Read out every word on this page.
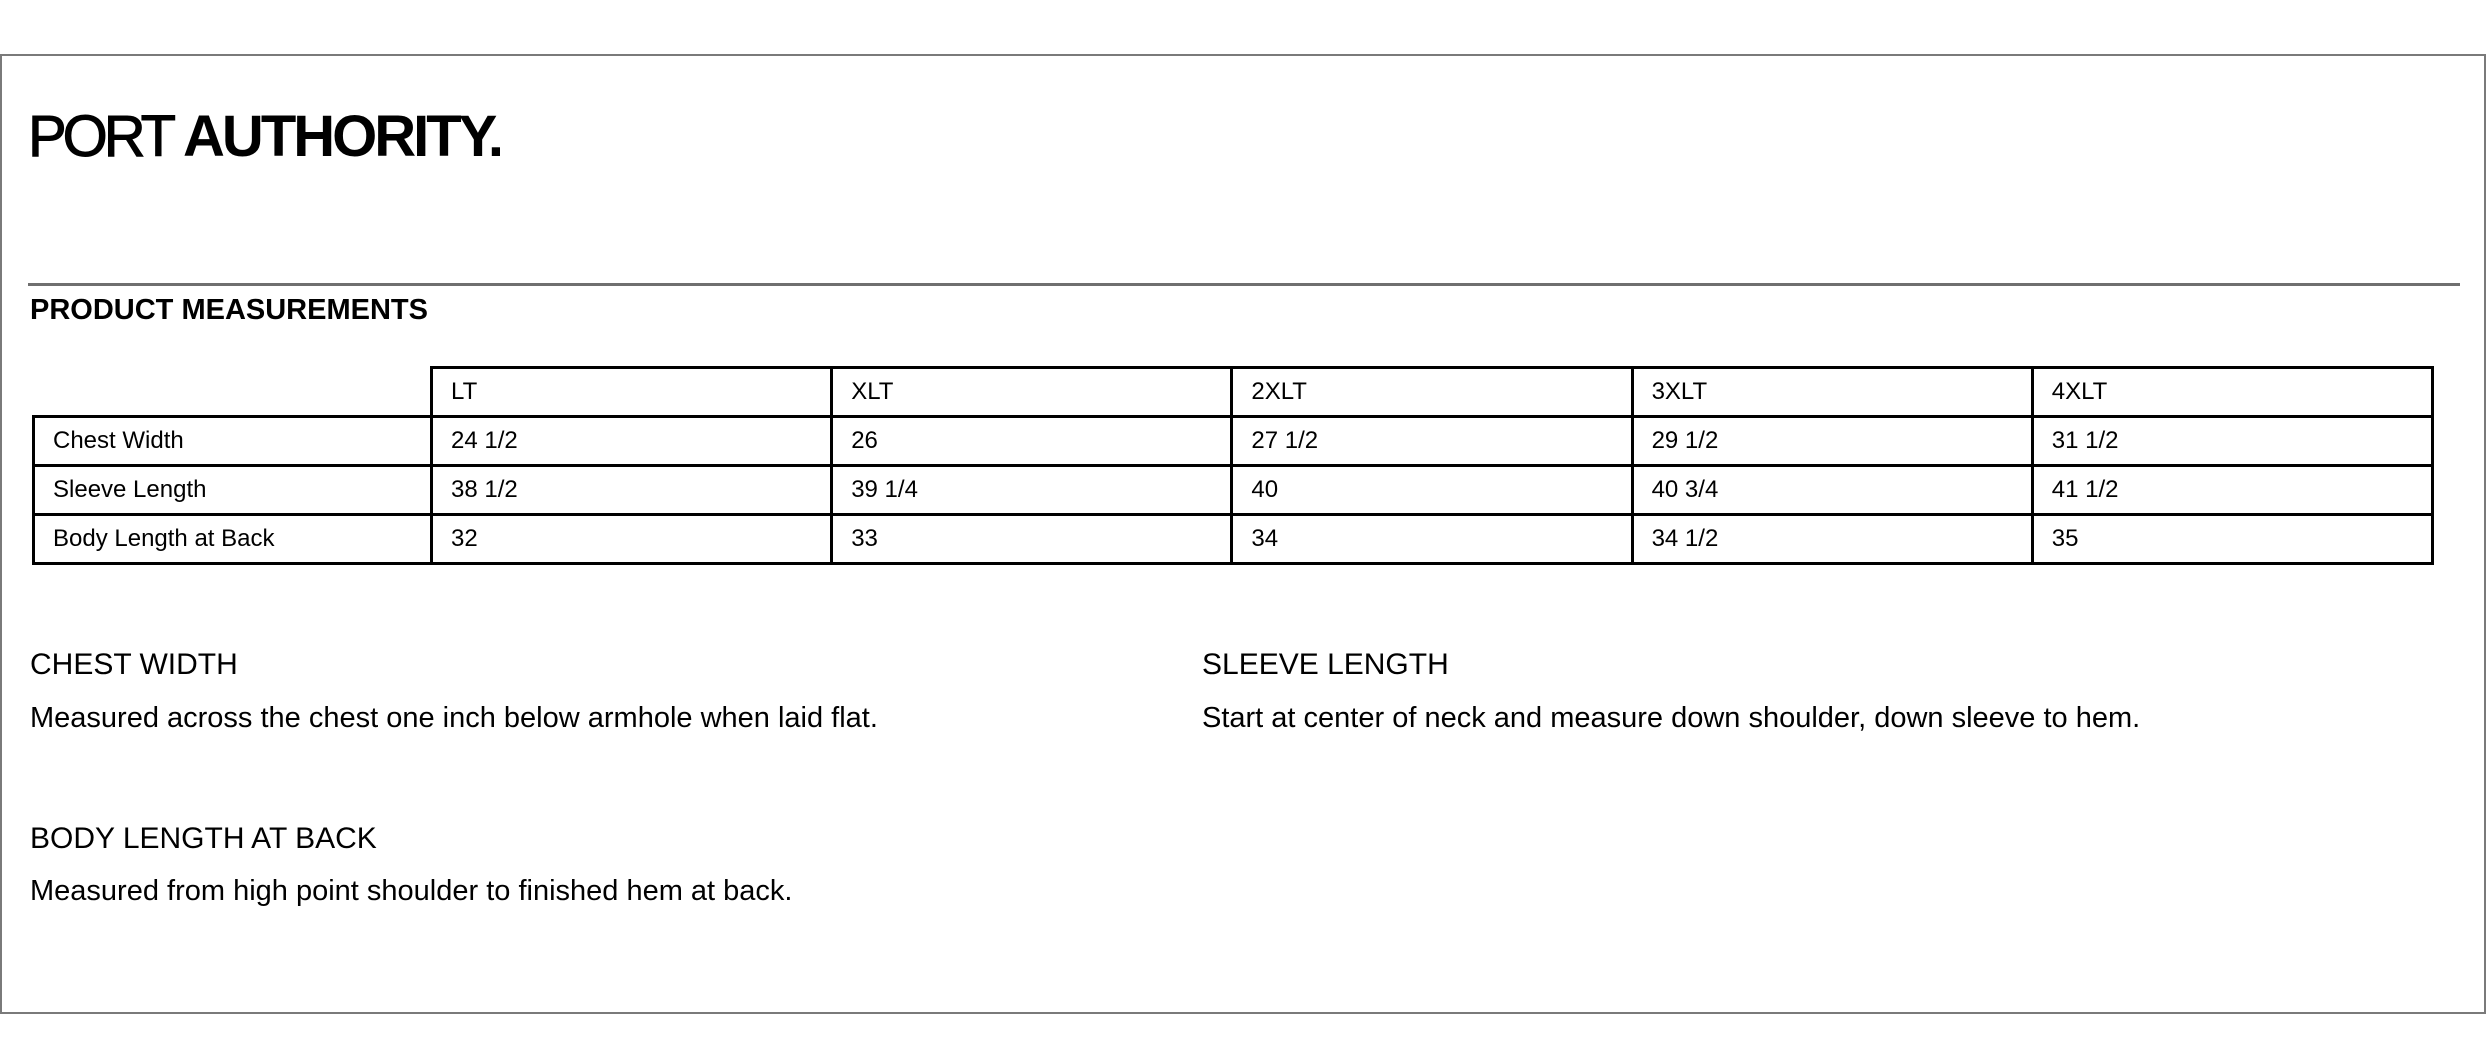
PORT AUTHORITY.
PRODUCT MEASUREMENTS
	LT	XLT	2XLT	3XLT	4XLT
Chest Width	24 1/2	26	27 1/2	29 1/2	31 1/2
Sleeve Length	38 1/2	39 1/4	40	40 3/4	41 1/2
Body Length at Back	32	33	34	34 1/2	35
CHEST WIDTH
Measured across the chest one inch below armhole when laid flat.
SLEEVE LENGTH
Start at center of neck and measure down shoulder, down sleeve to hem.
BODY LENGTH AT BACK
Measured from high point shoulder to finished hem at back.
